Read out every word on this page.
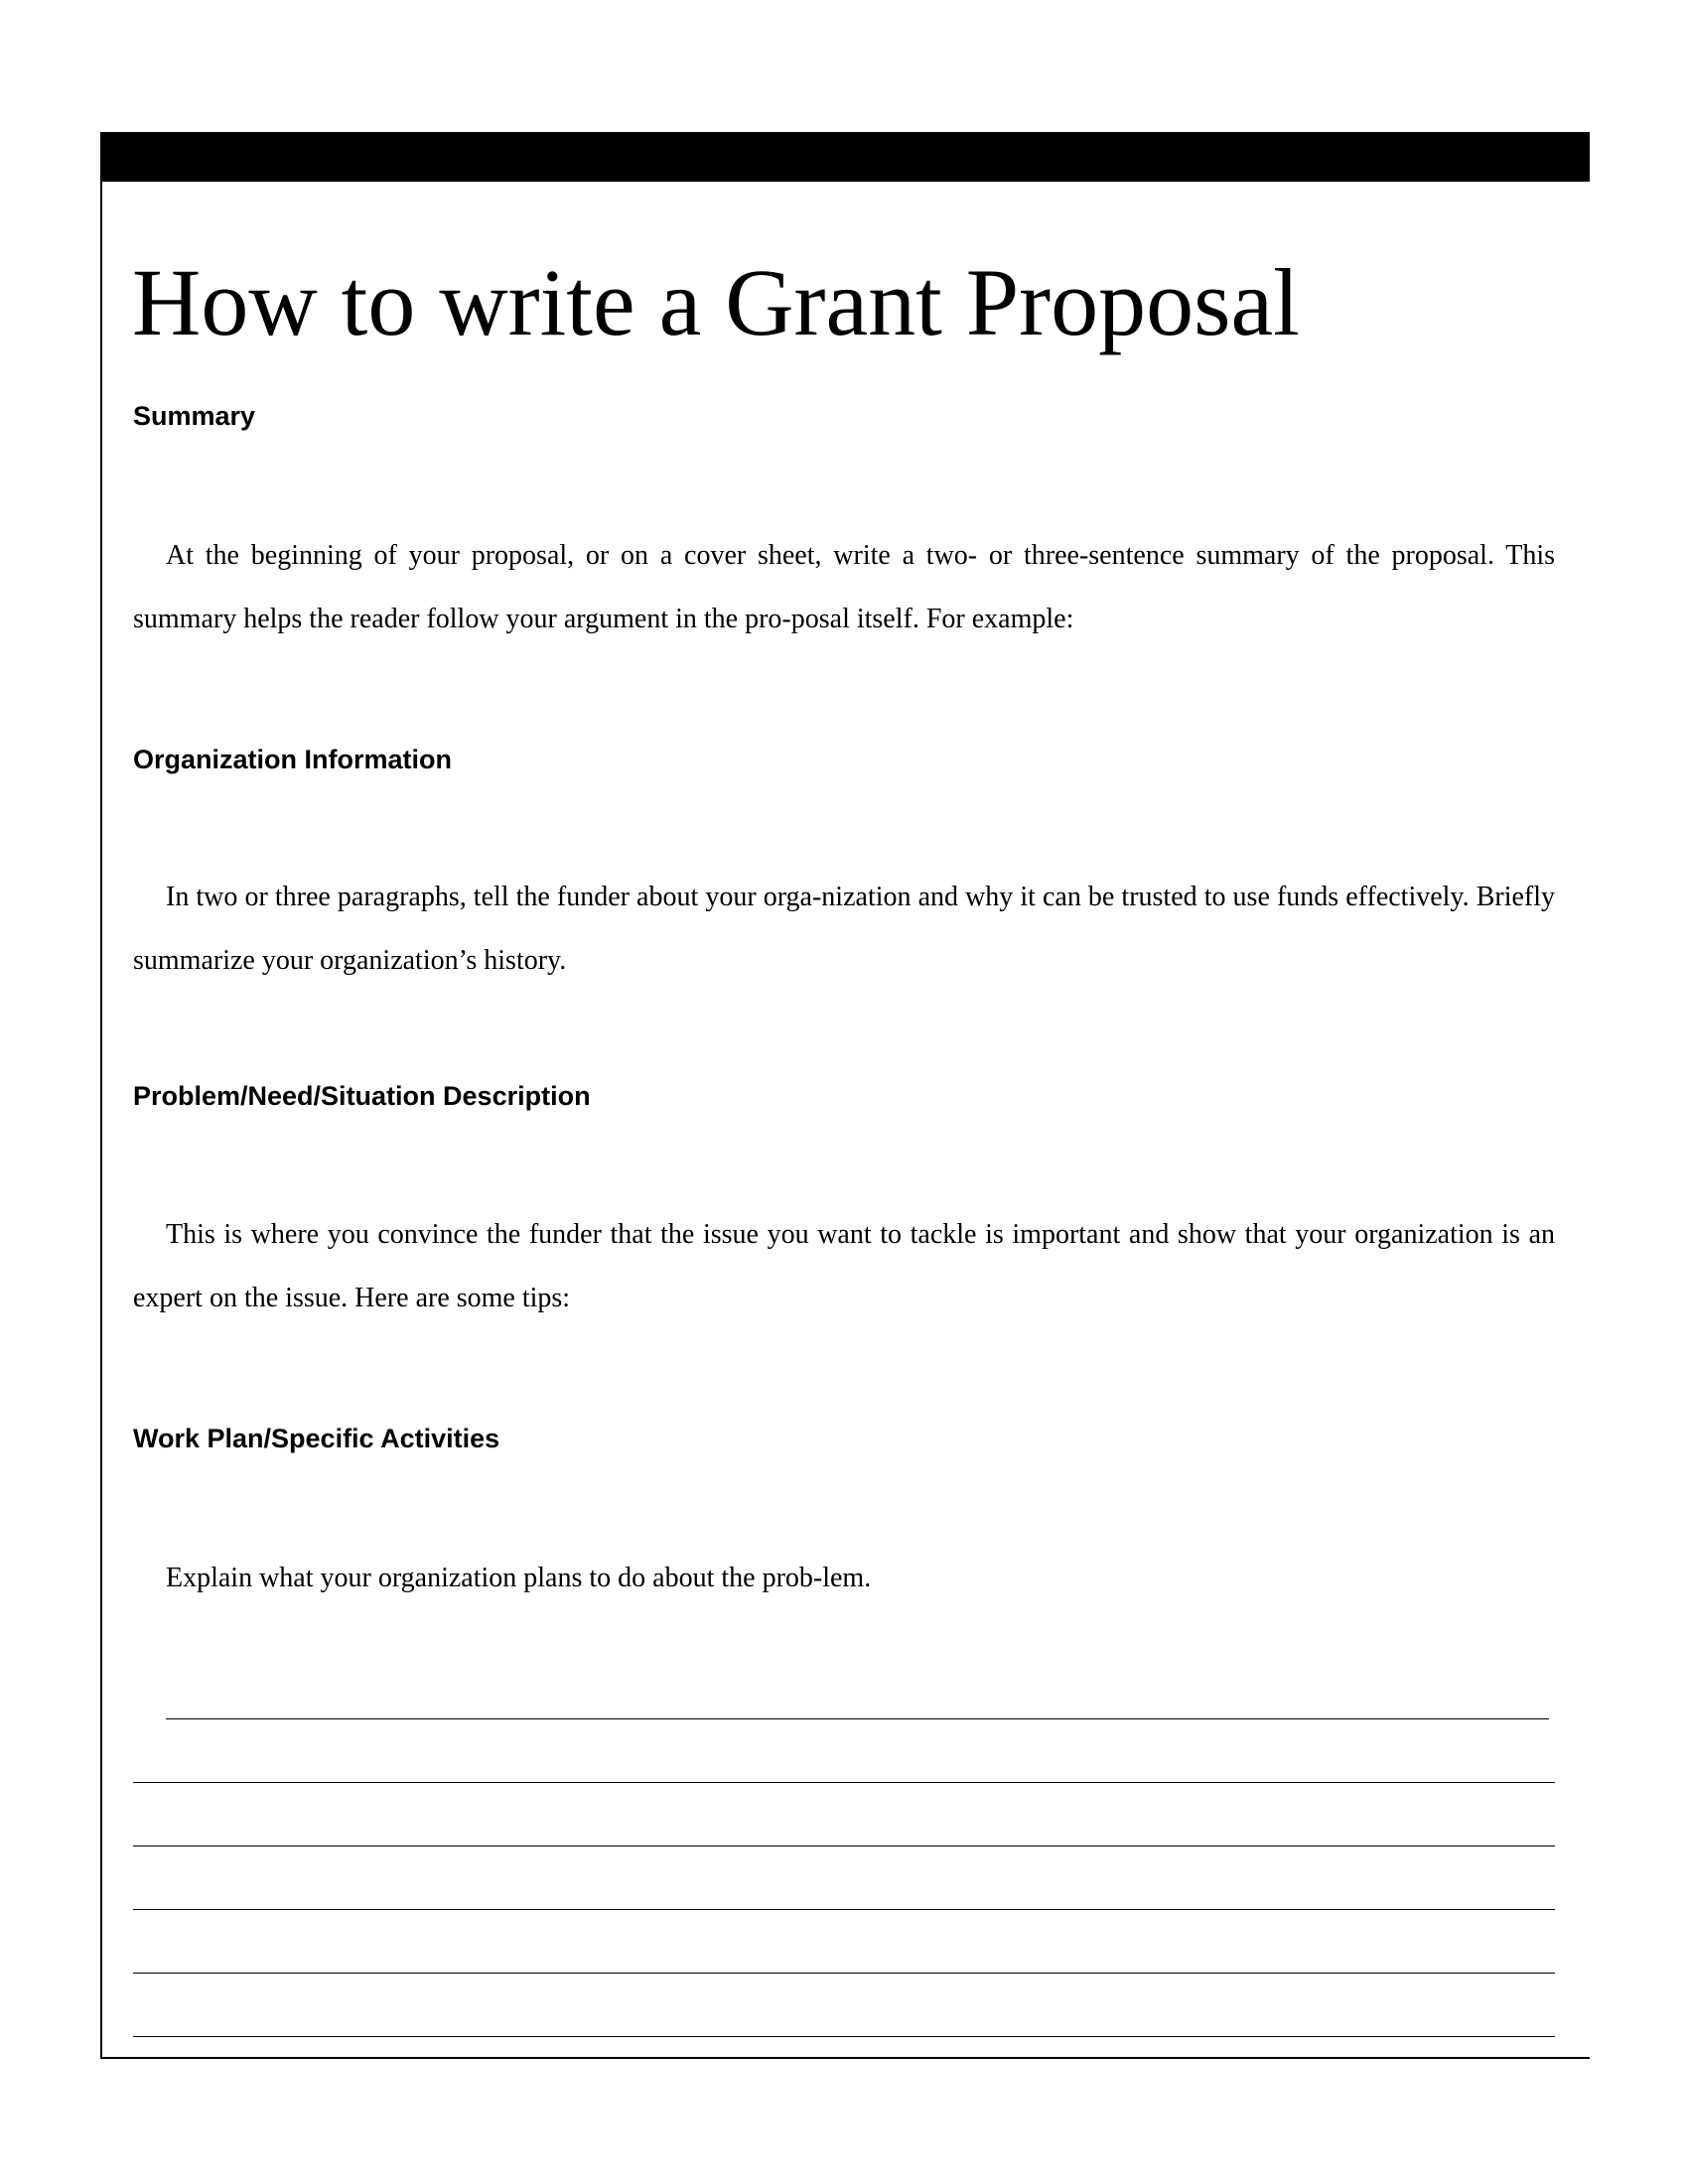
How to write a Grant Proposal
Summary

At the beginning of your proposal, or on a cover sheet, write a two- or three-sentence summary of the proposal. This summary helps the reader follow your argument in the pro-posal itself. For example:

Organization Information

In two or three paragraphs, tell the funder about your orga-nization and why it can be trusted to use funds effectively. Briefly summarize your organization’s history.

Problem/Need/Situation Description

This is where you convince the funder that the issue you want to tackle is important and show that your organization is an expert on the issue. Here are some tips:

Work Plan/Specific Activities

Explain what your organization plans to do about the prob-lem.
